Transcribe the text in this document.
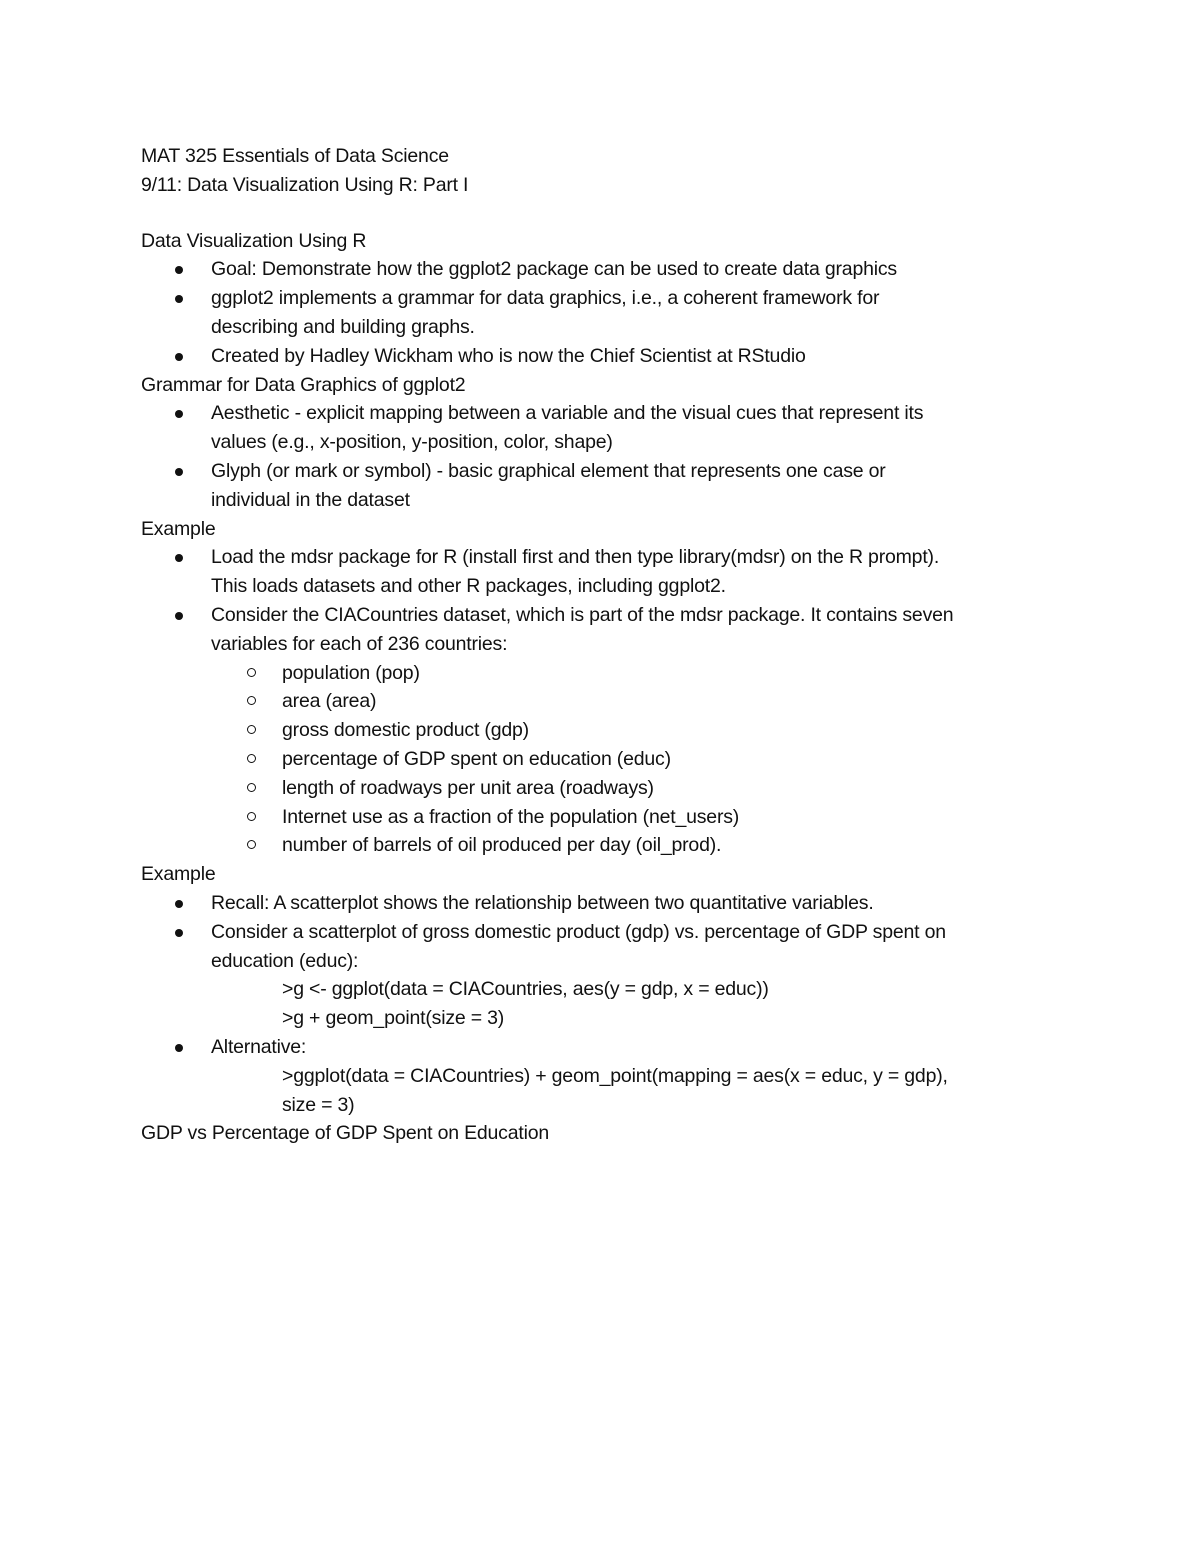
MAT 325 Essentials of Data Science

9/11: Data Visualization Using R: Part I

Data Visualization Using R

Goal: Demonstrate how the ggplot2 package can be used to create data graphics
ggplot2 implements a grammar for data graphics, i.e., a coherent framework for
describing and building graphs.
Created by Hadley Wickham who is now the Chief Scientist at RStudio

Grammar for Data Graphics of ggplot2

Aesthetic - explicit mapping between a variable and the visual cues that represent its
values (e.g., x-position, y-position, color, shape)
Glyph (or mark or symbol) - basic graphical element that represents one case or
individual in the dataset

Example

Load the mdsr package for R (install first and then type library(mdsr) on the R prompt).
This loads datasets and other R packages, including ggplot2.
Consider the CIACountries dataset, which is part of the mdsr package. It contains seven
variables for each of 236 countries:
population (pop)
area (area)
gross domestic product (gdp)
percentage of GDP spent on education (educ)
length of roadways per unit area (roadways)
Internet use as a fraction of the population (net_users)
number of barrels of oil produced per day (oil_prod).

Example

Recall: A scatterplot shows the relationship between two quantitative variables.
Consider a scatterplot of gross domestic product (gdp) vs. percentage of GDP spent on
education (educ):
>g <- ggplot(data = CIACountries, aes(y = gdp, x = educ))
>g + geom_point(size = 3)
Alternative:
>ggplot(data = CIACountries) + geom_point(mapping = aes(x = educ, y = gdp),
size = 3)

GDP vs Percentage of GDP Spent on Education
